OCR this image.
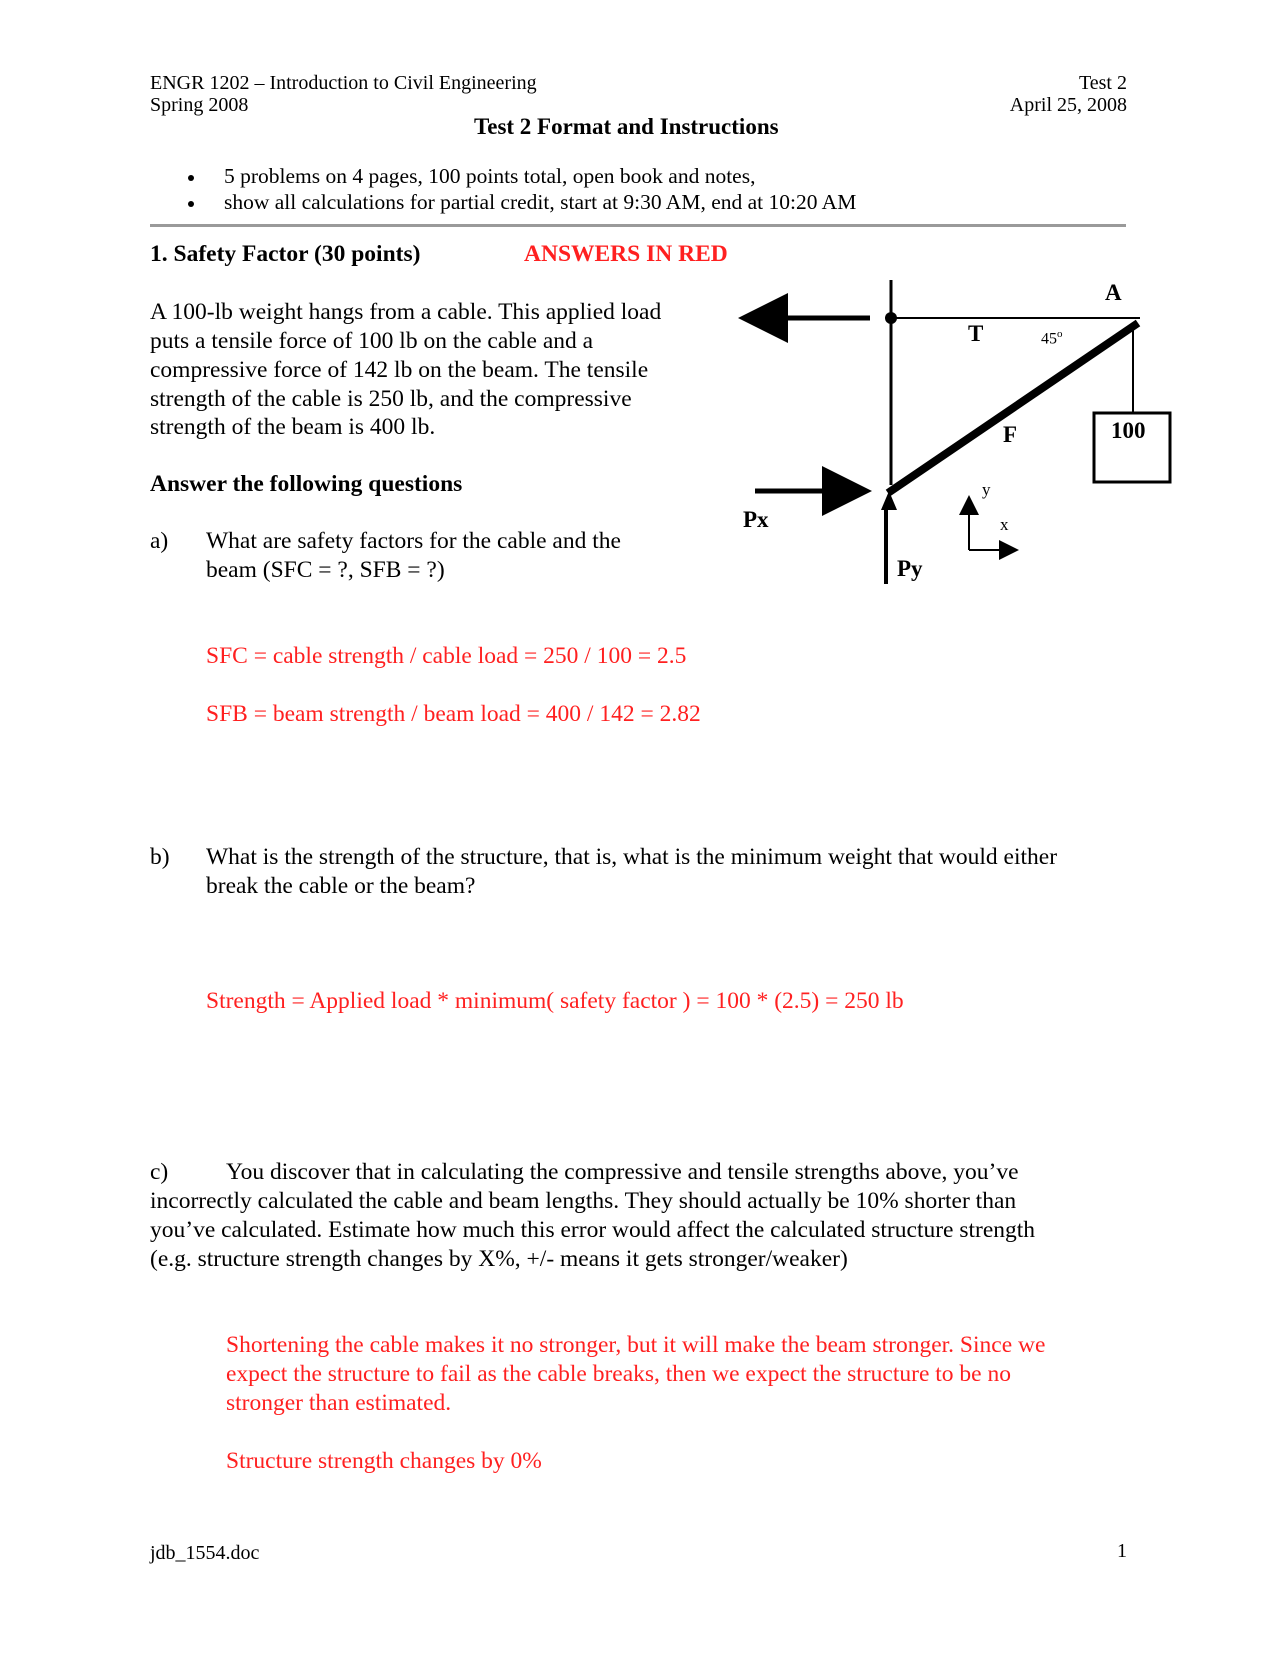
ENGR 1202 – Introduction to Civil Engineering
Spring 2008
Test 2
April 25, 2008
Test 2 Format and Instructions
5 problems on 4 pages, 100 points total, open book and notes,
show all calculations for partial credit, start at 9:30 AM, end at 10:20 AM
1. Safety Factor (30 points)	ANSWERS IN RED
A 100-lb weight hangs from a cable. This applied load
puts a tensile force of 100 lb on the cable and a
compressive force of 142 lb on the beam. The tensile
strength of the cable is 250 lb, and the compressive
strength of the beam is 400 lb.
Answer the following questions
a) What are safety factors for the cable and the
beam (SFC = ?, SFB = ?)
SFC = cable strength / cable load = 250 / 100 = 2.5
SFB = beam strength / beam load = 400 / 142 = 2.82
b) What is the strength of the structure, that is, what is the minimum weight that would either
break the cable or the beam?
Strength = Applied load * minimum( safety factor ) = 100 * (2.5) = 250 lb
c) You discover that in calculating the compressive and tensile strengths above, you’ve
incorrectly calculated the cable and beam lengths. They should actually be 10% shorter than
you’ve calculated. Estimate how much this error would affect the calculated structure strength
(e.g. structure strength changes by X%, +/- means it gets stronger/weaker)
Shortening the cable makes it no stronger, but it will make the beam stronger. Since we
expect the structure to fail as the cable breaks, then we expect the structure to be no
stronger than estimated.
Structure strength changes by 0%
A
T	45$^o$
F	100
Px
Py
y
x
jdb_1554.doc	1
